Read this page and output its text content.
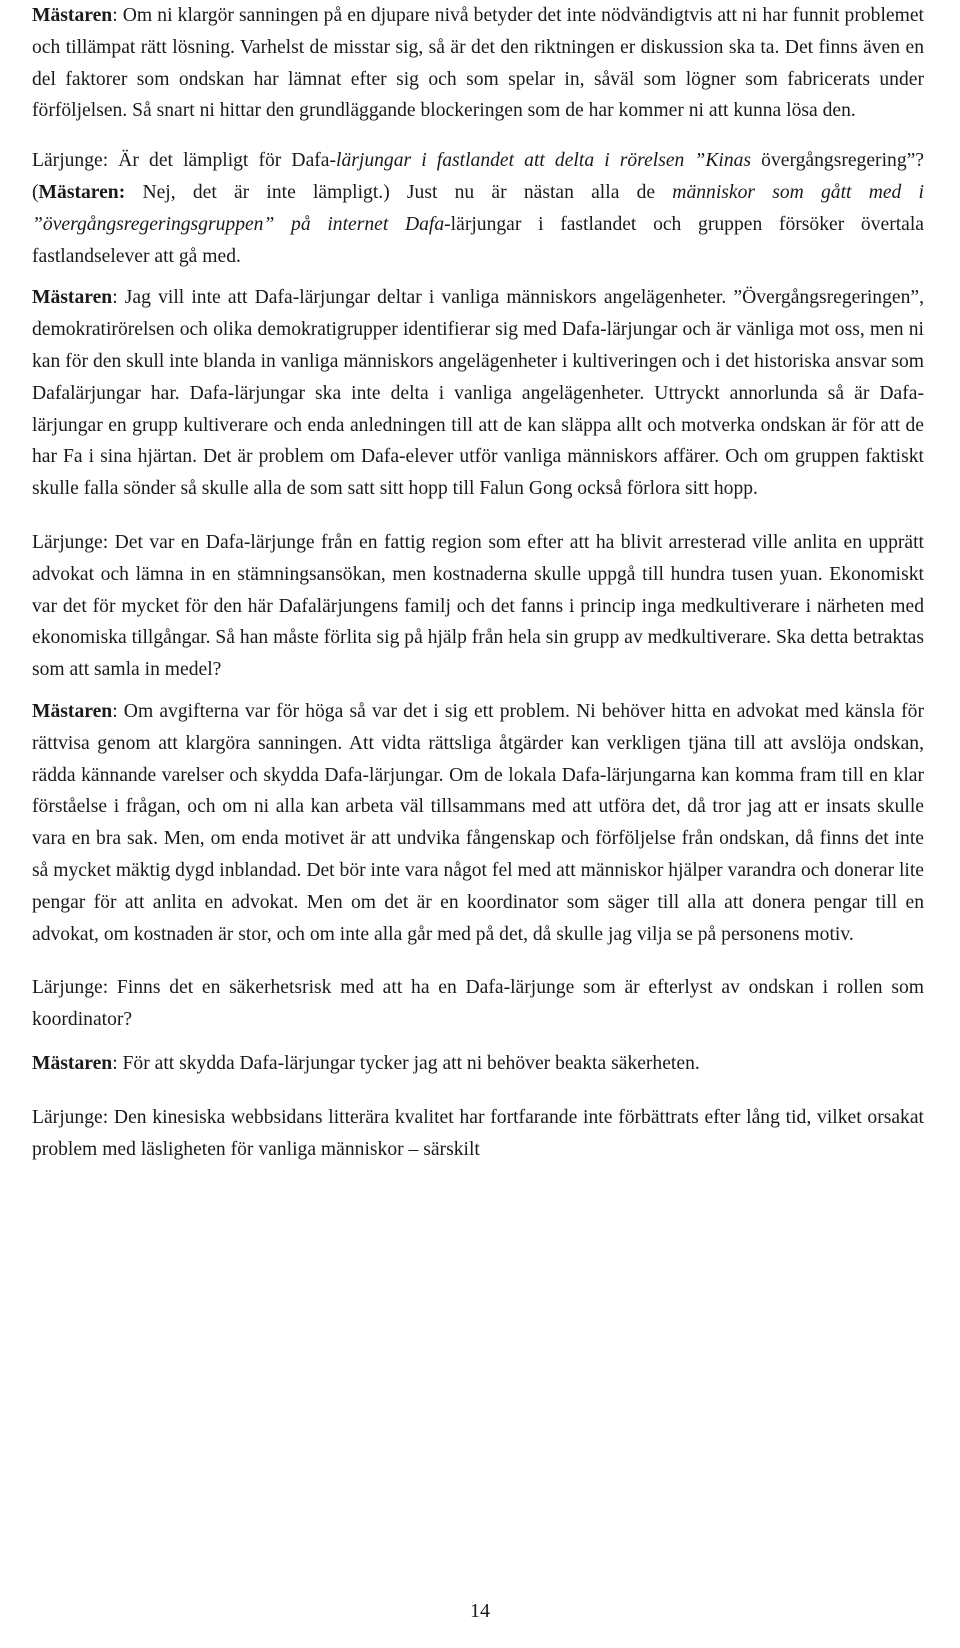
Mästaren: Om ni klargör sanningen på en djupare nivå betyder det inte nödvändigtvis att ni har funnit problemet och tillämpat rätt lösning. Varhelst de misstar sig, så är det den riktningen er diskussion ska ta. Det finns även en del faktorer som ondskan har lämnat efter sig och som spelar in, såväl som lögner som fabricerats under förföljelsen. Så snart ni hittar den grundläggande blockeringen som de har kommer ni att kunna lösa den.

Lärjunge: Är det lämpligt för Dafa-lärjungar i fastlandet att delta i rörelsen ”Kinas övergångsregering”? (Mästaren: Nej, det är inte lämpligt.) Just nu är nästan alla de människor som gått med i ”övergångsregeringsgruppen” på internet Dafa-lärjungar i fastlandet och gruppen försöker övertala fastlandselever att gå med.

Mästaren: Jag vill inte att Dafa-lärjungar deltar i vanliga människors angelägenheter. ”Övergångsregeringen”, demokratirörelsen och olika demokratigrupper identifierar sig med Dafa-lärjungar och är vänliga mot oss, men ni kan för den skull inte blanda in vanliga människors angelägenheter i kultiveringen och i det historiska ansvar som Dafalärjungar har. Dafa-lärjungar ska inte delta i vanliga angelägenheter. Uttryckt annorlunda så är Dafa-lärjungar en grupp kultiverare och enda anledningen till att de kan släppa allt och motverka ondskan är för att de har Fa i sina hjärtan. Det är problem om Dafa-elever utför vanliga människors affärer. Och om gruppen faktiskt skulle falla sönder så skulle alla de som satt sitt hopp till Falun Gong också förlora sitt hopp.

Lärjunge: Det var en Dafa-lärjunge från en fattig region som efter att ha blivit arresterad ville anlita en upprätt advokat och lämna in en stämningsansökan, men kostnaderna skulle uppgå till hundra tusen yuan. Ekonomiskt var det för mycket för den här Dafalärjungens familj och det fanns i princip inga medkultiverare i närheten med ekonomiska tillgångar. Så han måste förlita sig på hjälp från hela sin grupp av medkultiverare. Ska detta betraktas som att samla in medel?

Mästaren: Om avgifterna var för höga så var det i sig ett problem. Ni behöver hitta en advokat med känsla för rättvisa genom att klargöra sanningen. Att vidta rättsliga åtgärder kan verkligen tjäna till att avslöja ondskan, rädda kännande varelser och skydda Dafa-lärjungar. Om de lokala Dafa-lärjungarna kan komma fram till en klar förståelse i frågan, och om ni alla kan arbeta väl tillsammans med att utföra det, då tror jag att er insats skulle vara en bra sak. Men, om enda motivet är att undvika fångenskap och förföljelse från ondskan, då finns det inte så mycket mäktig dygd inblandad. Det bör inte vara något fel med att människor hjälper varandra och donerar lite pengar för att anlita en advokat. Men om det är en koordinator som säger till alla att donera pengar till en advokat, om kostnaden är stor, och om inte alla går med på det, då skulle jag vilja se på personens motiv.

Lärjunge: Finns det en säkerhetsrisk med att ha en Dafa-lärjunge som är efterlyst av ondskan i rollen som koordinator?

Mästaren: För att skydda Dafa-lärjungar tycker jag att ni behöver beakta säkerheten.

Lärjunge: Den kinesiska webbsidans litterära kvalitet har fortfarande inte förbättrats efter lång tid, vilket orsakat problem med läsligheten för vanliga människor – särskilt

14
